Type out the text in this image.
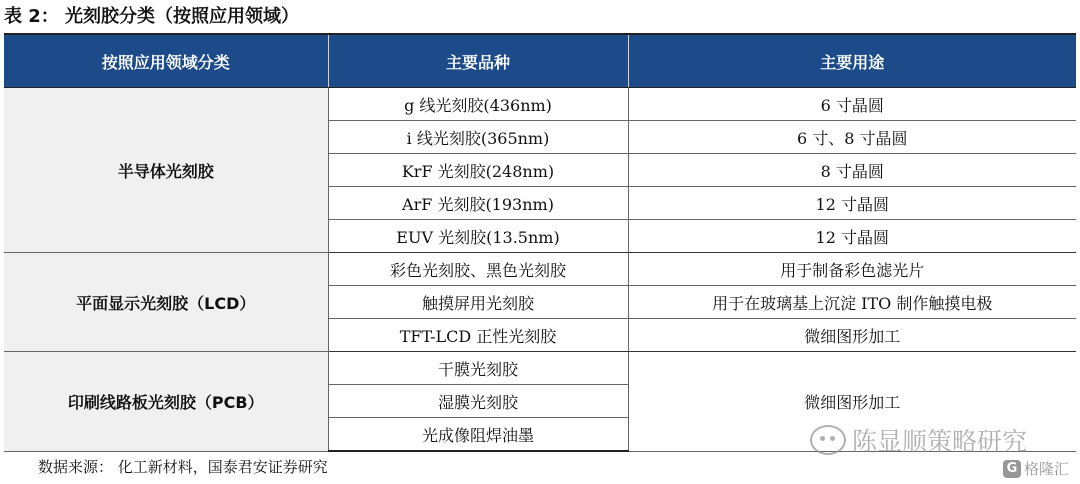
表 2： 光刻胶分类（按照应用领域）
按照应用领域分类	主要品种	主要用途
半导体光刻胶	g 线光刻胶(436nm)	6 寸晶圆
	i 线光刻胶(365nm)	6 寸、8 寸晶圆
	KrF 光刻胶(248nm)	8 寸晶圆
	ArF 光刻胶(193nm)	12 寸晶圆
	EUV 光刻胶(13.5nm)	12 寸晶圆
平面显示光刻胶（LCD）	彩色光刻胶、黑色光刻胶	用于制备彩色滤光片
	触摸屏用光刻胶	用于在玻璃基上沉淀 ITO 制作触摸电极
	TFT-LCD 正性光刻胶	微细图形加工
印刷线路板光刻胶（PCB）	干膜光刻胶	微细图形加工
	湿膜光刻胶	
	光成像阻焊油墨	
数据来源： 化工新材料，国泰君安证券研究
陈显顺策略研究
G 格隆汇
